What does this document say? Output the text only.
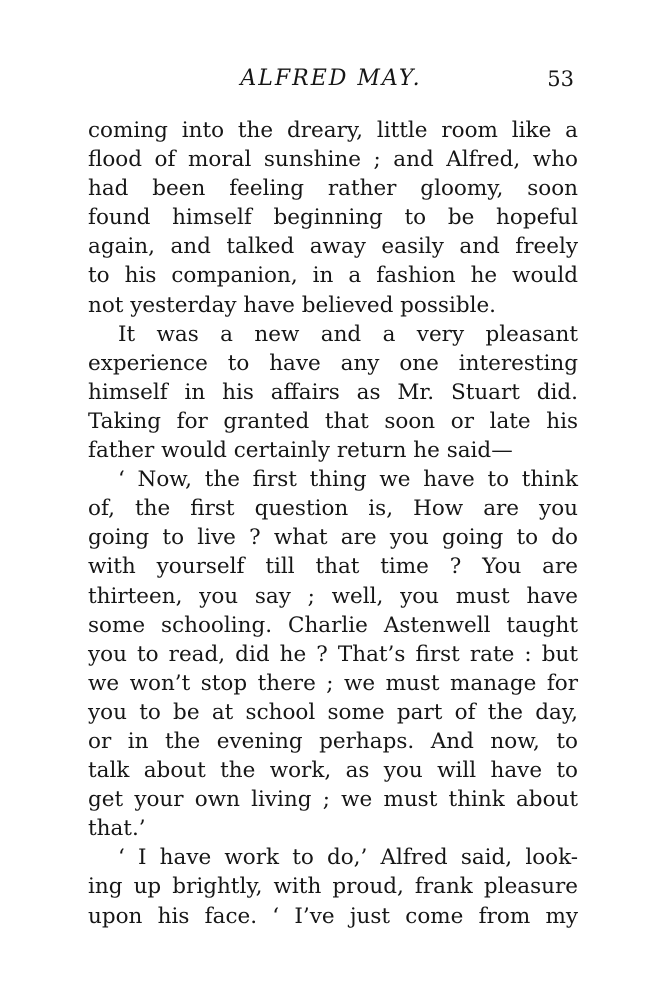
ALFRED MAY.	53
coming into the dreary, little room like a
flood of moral sunshine ; and Alfred, who
had been feeling rather gloomy, soon
found himself beginning to be hopeful
again, and talked away easily and freely
to his companion, in a fashion he would
not yesterday have believed possible.
It was a new and a very pleasant
experience to have any one interesting
himself in his affairs as Mr. Stuart did.
Taking for granted that soon or late his
father would certainly return he said—
‘ Now, the first thing we have to think
of, the first question is, How are you
going to live ? what are you going to do
with yourself till that time ? You are
thirteen, you say ; well, you must have
some schooling. Charlie Astenwell taught
you to read, did he ? That’s first rate : but
we won’t stop there ; we must manage for
you to be at school some part of the day,
or in the evening perhaps. And now, to
talk about the work, as you will have to
get your own living ; we must think about
that.’
‘ I have work to do,’ Alfred said, look-
ing up brightly, with proud, frank pleasure
upon his face. ‘ I’ve just come from my
